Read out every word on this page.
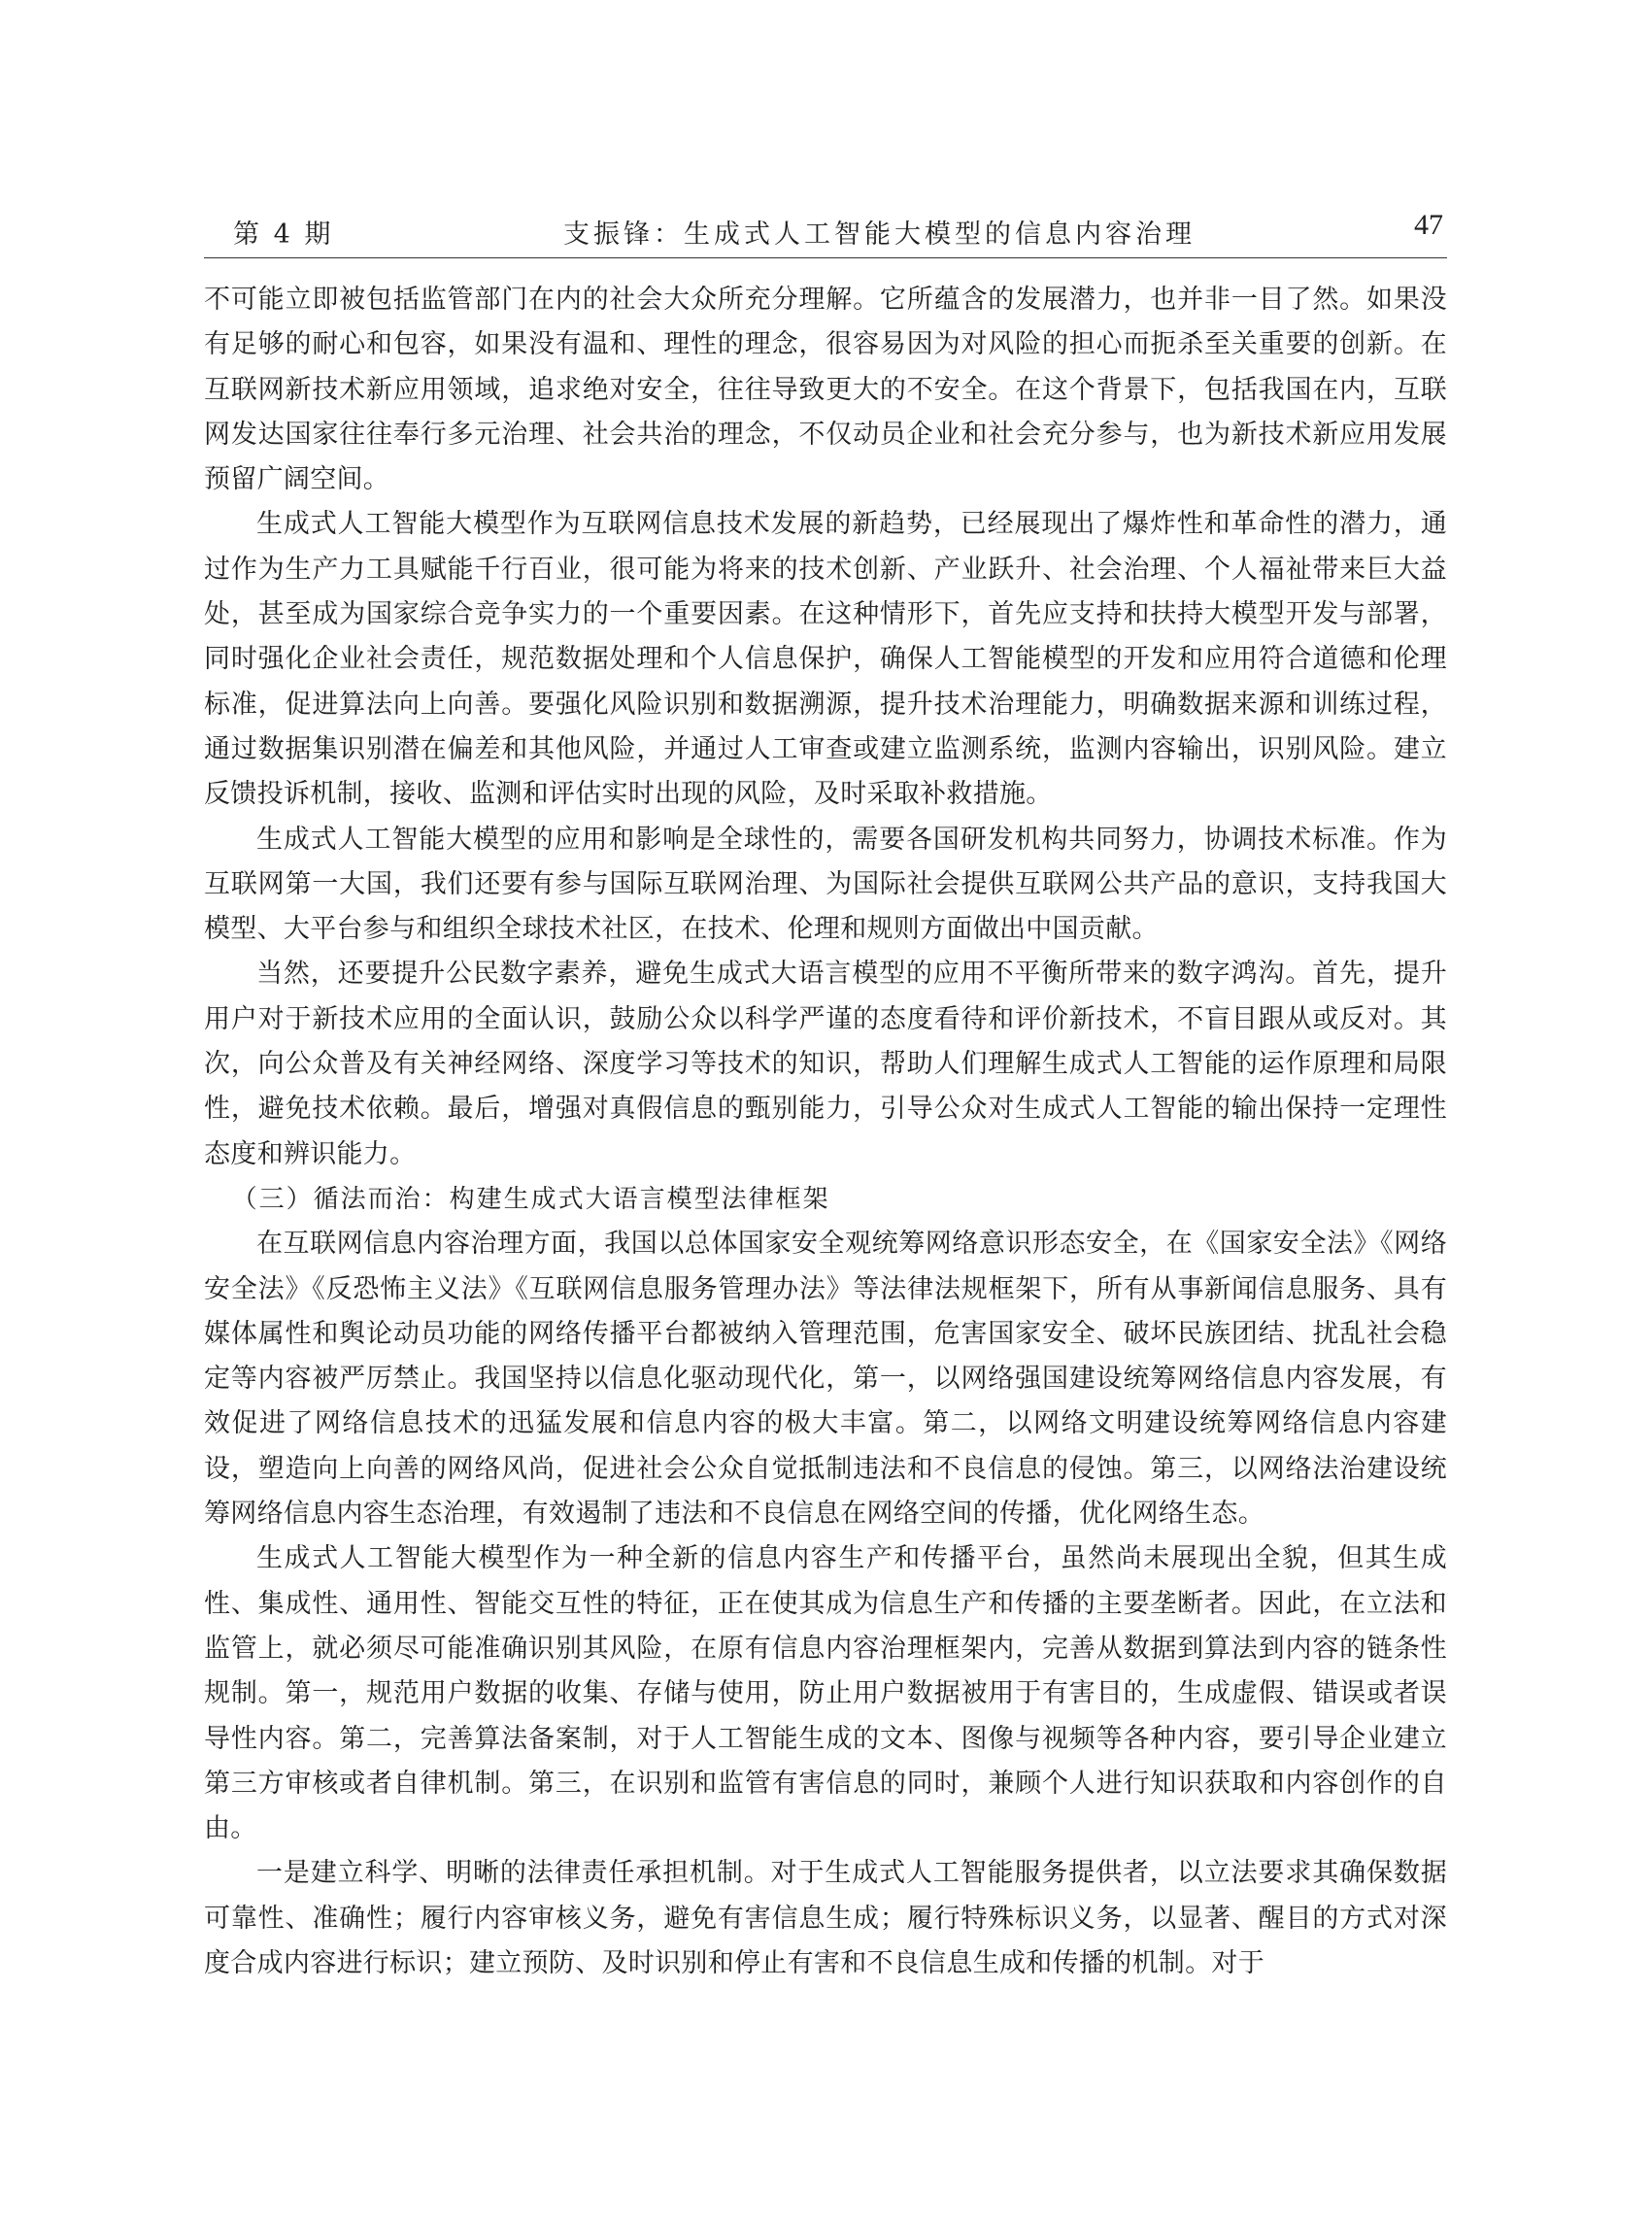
第 4 期	支振锋：生成式人工智能大模型的信息内容治理	47

不可能立即被包括监管部门在内的社会大众所充分理解。它所蕴含的发展潜力，也并非一目了然。如果没有足够的耐心和包容，如果没有温和、理性的理念，很容易因为对风险的担心而扼杀至关重要的创新。在互联网新技术新应用领域，追求绝对安全，往往导致更大的不安全。在这个背景下，包括我国在内，互联网发达国家往往奉行多元治理、社会共治的理念，不仅动员企业和社会充分参与，也为新技术新应用发展预留广阔空间。

生成式人工智能大模型作为互联网信息技术发展的新趋势，已经展现出了爆炸性和革命性的潜力，通过作为生产力工具赋能千行百业，很可能为将来的技术创新、产业跃升、社会治理、个人福祉带来巨大益处，甚至成为国家综合竞争实力的一个重要因素。在这种情形下，首先应支持和扶持大模型开发与部署，同时强化企业社会责任，规范数据处理和个人信息保护，确保人工智能模型的开发和应用符合道德和伦理标准，促进算法向上向善。要强化风险识别和数据溯源，提升技术治理能力，明确数据来源和训练过程，通过数据集识别潜在偏差和其他风险，并通过人工审查或建立监测系统，监测内容输出，识别风险。建立反馈投诉机制，接收、监测和评估实时出现的风险，及时采取补救措施。

生成式人工智能大模型的应用和影响是全球性的，需要各国研发机构共同努力，协调技术标准。作为互联网第一大国，我们还要有参与国际互联网治理、为国际社会提供互联网公共产品的意识，支持我国大模型、大平台参与和组织全球技术社区，在技术、伦理和规则方面做出中国贡献。

当然，还要提升公民数字素养，避免生成式大语言模型的应用不平衡所带来的数字鸿沟。首先，提升用户对于新技术应用的全面认识，鼓励公众以科学严谨的态度看待和评价新技术，不盲目跟从或反对。其次，向公众普及有关神经网络、深度学习等技术的知识，帮助人们理解生成式人工智能的运作原理和局限性，避免技术依赖。最后，增强对真假信息的甄别能力，引导公众对生成式人工智能的输出保持一定理性态度和辨识能力。

（三）循法而治：构建生成式大语言模型法律框架

在互联网信息内容治理方面，我国以总体国家安全观统筹网络意识形态安全，在《国家安全法》《网络安全法》《反恐怖主义法》《互联网信息服务管理办法》等法律法规框架下，所有从事新闻信息服务、具有媒体属性和舆论动员功能的网络传播平台都被纳入管理范围，危害国家安全、破坏民族团结、扰乱社会稳定等内容被严厉禁止。我国坚持以信息化驱动现代化，第一，以网络强国建设统筹网络信息内容发展，有效促进了网络信息技术的迅猛发展和信息内容的极大丰富。第二，以网络文明建设统筹网络信息内容建设，塑造向上向善的网络风尚，促进社会公众自觉抵制违法和不良信息的侵蚀。第三，以网络法治建设统筹网络信息内容生态治理，有效遏制了违法和不良信息在网络空间的传播，优化网络生态。

生成式人工智能大模型作为一种全新的信息内容生产和传播平台，虽然尚未展现出全貌，但其生成性、集成性、通用性、智能交互性的特征，正在使其成为信息生产和传播的主要垄断者。因此，在立法和监管上，就必须尽可能准确识别其风险，在原有信息内容治理框架内，完善从数据到算法到内容的链条性规制。第一，规范用户数据的收集、存储与使用，防止用户数据被用于有害目的，生成虚假、错误或者误导性内容。第二，完善算法备案制，对于人工智能生成的文本、图像与视频等各种内容，要引导企业建立第三方审核或者自律机制。第三，在识别和监管有害信息的同时，兼顾个人进行知识获取和内容创作的自由。

一是建立科学、明晰的法律责任承担机制。对于生成式人工智能服务提供者，以立法要求其确保数据可靠性、准确性；履行内容审核义务，避免有害信息生成；履行特殊标识义务，以显著、醒目的方式对深度合成内容进行标识；建立预防、及时识别和停止有害和不良信息生成和传播的机制。对于
